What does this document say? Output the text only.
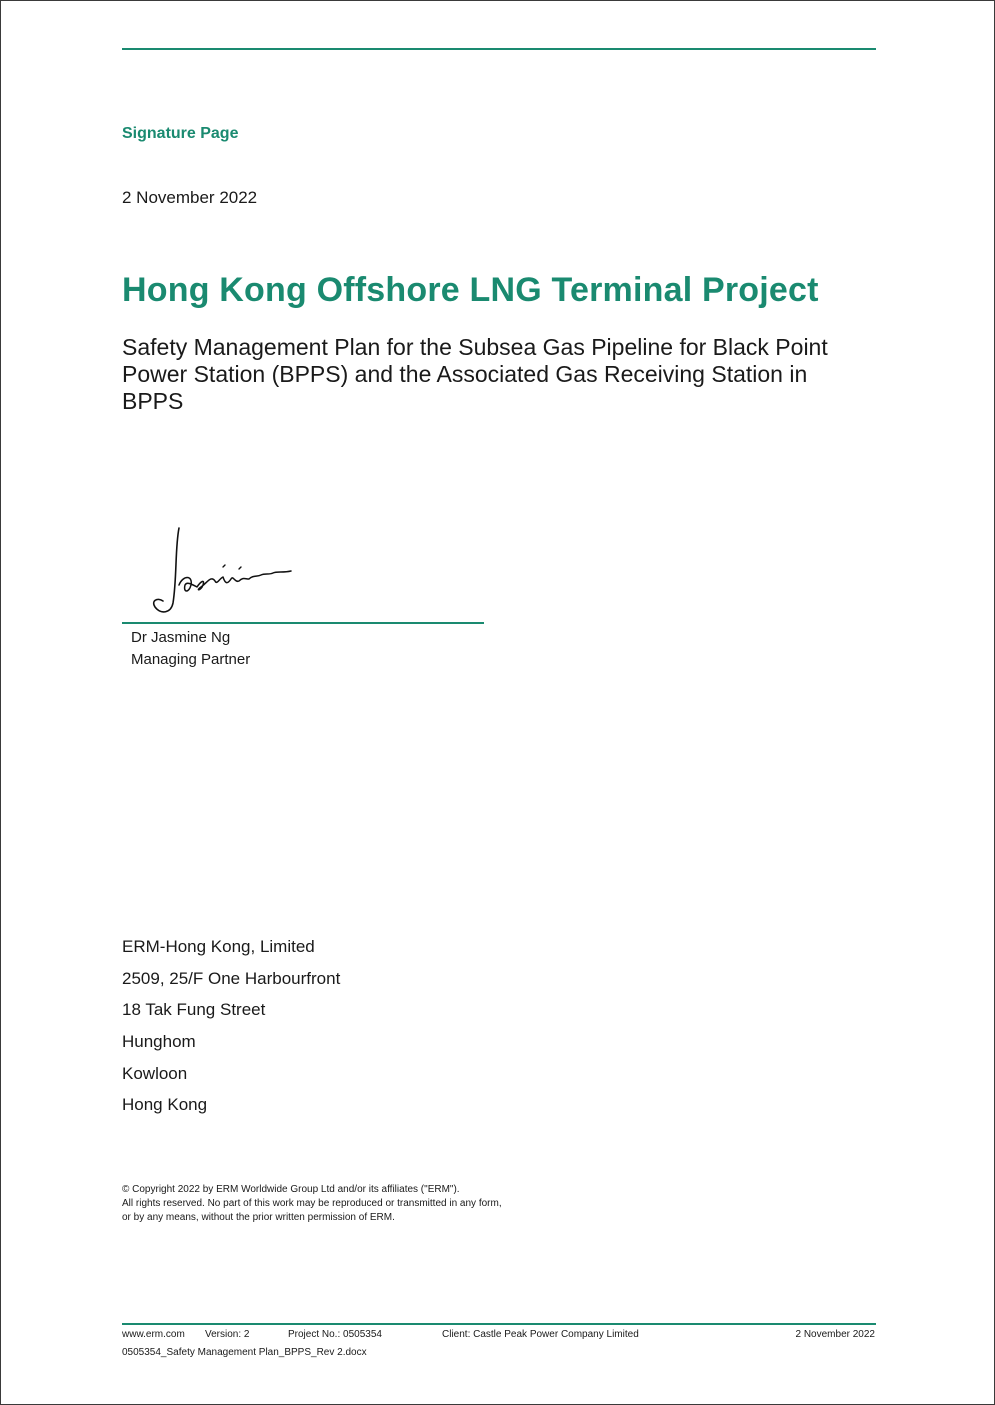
Signature Page
2 November 2022
Hong Kong Offshore LNG Terminal Project
Safety Management Plan for the Subsea Gas Pipeline for Black Point Power Station (BPPS) and the Associated Gas Receiving Station in BPPS
Dr Jasmine Ng
Managing Partner
ERM-Hong Kong, Limited
2509, 25/F One Harbourfront
18 Tak Fung Street
Hunghom
Kowloon
Hong Kong
© Copyright 2022 by ERM Worldwide Group Ltd and/or its affiliates ("ERM").
All rights reserved. No part of this work may be reproduced or transmitted in any form,
or by any means, without the prior written permission of ERM.
www.erm.com Version: 2	Project No.: 0505354	Client: Castle Peak Power Company Limited	2 November 2022
0505354_Safety Management Plan_BPPS_Rev 2.docx
